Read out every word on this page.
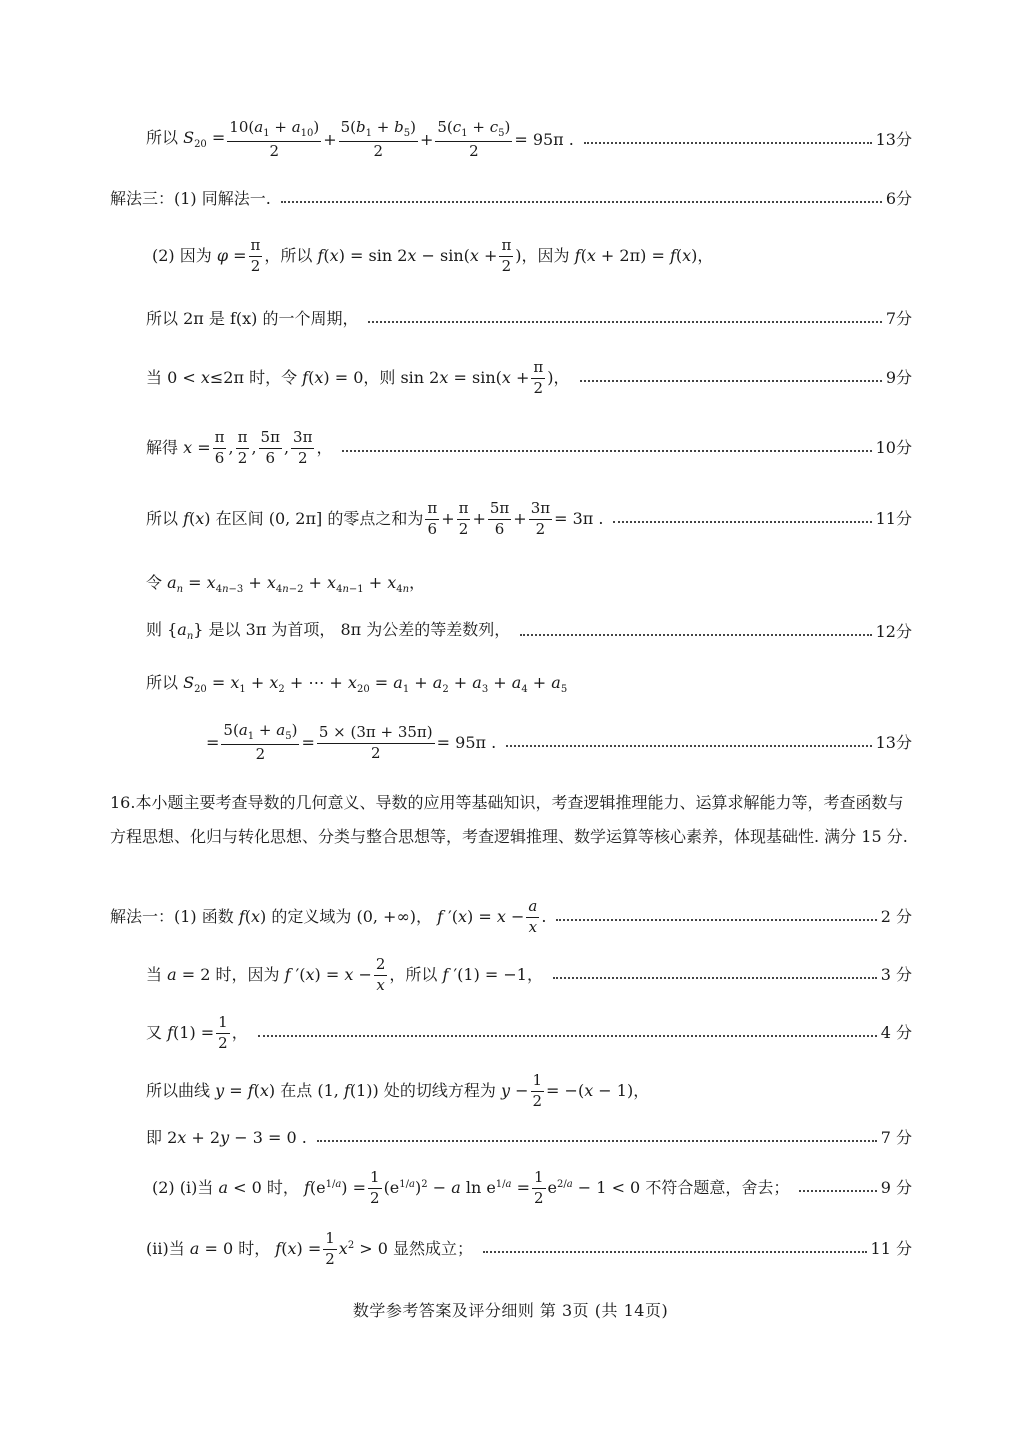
所以 $S_{20} = \frac{10(a_1 + a_{10})}{2} + \frac{5(b_1 + b_5)}{2} + \frac{5(c_1 + c_5)}{2} = 95\pi$ .	13分
解法三：(1) 同解法一.	6分
(2) 因为 $\varphi = \frac{\pi}{2}$ ，所以 $f(x) = \sin 2x - \sin(x + \frac{\pi}{2}$ )，因为 f(x + 2π) = f(x)，
所以 2π 是 f(x) 的一个周期，	7分
当 0 < x≤2π 时，令 f(x) = 0，则 $\sin 2x = \sin(x + \frac{\pi}{2}$ )，	9分
解得 $x = \frac{\pi}{6}$ , $\frac{\pi}{2}$ , $\frac{5\pi}{6}$ , $\frac{3\pi}{2}$ ，	10分
所以 f(x) 在区间 (0, 2π] 的零点之和为 $\frac{\pi}{6} + \frac{\pi}{2} + \frac{5\pi}{6} + \frac{3\pi}{2} = 3\pi$ .	11分
令 $a_n = x_{4n-3} + x_{4n-2} + x_{4n-1} + x_{4n}$，
则 $\{a_n\}$ 是以 3π 为首项， 8π 为公差的等差数列，	12分
所以 $S_{20} = x_1 + x_2$ + ⋯ + $x_{20} = a_1 + a_2 + a_3 + a_4 + a_5$
= $\frac{5(a_1 + a_5)}{2} = \frac{5 \times (3\pi + 35\pi)}{2} = 95\pi$ .	13分
16.本小题主要考查导数的几何意义、导数的应用等基础知识，考查逻辑推理能力、运算求解能力等，考查函数与方程思想、化归与转化思想、分类与整合思想等，考查逻辑推理、数学运算等核心素养，体现基础性. 满分 15 分.
解法一：(1) 函数 f(x) 的定义域为 (0, +∞)， f $'(x) = x - \frac{a}{x}$ .	2 分
当 a = 2 时，因为 f $'(x) = x - \frac{2}{x}$ ，所以 f ′(1) = −1，	3 分
又 $f(1) = \frac{1}{2}$ ，	4 分
所以曲线 y = f(x) 在点 (1, f(1)) 处的切线方程为 $y - \frac{1}{2} = -(x - 1)$，
即 2x + 2y − 3 = 0 .	7 分
(2) (i)当 a < 0 时， $f(e^{1/a}) = \frac{1}{2} (e^{1/a})^2 - a$ $\ln e^{1/a} = \frac{1}{2} e^{2/a} - 1 < 0$ 不符合题意，舍去；	9 分
(ii)当 a = 0 时， $f(x) = \frac{1}{2} x^2 > 0$ 显然成立；	11 分
数学参考答案及评分细则 第 3页 (共 14页)
